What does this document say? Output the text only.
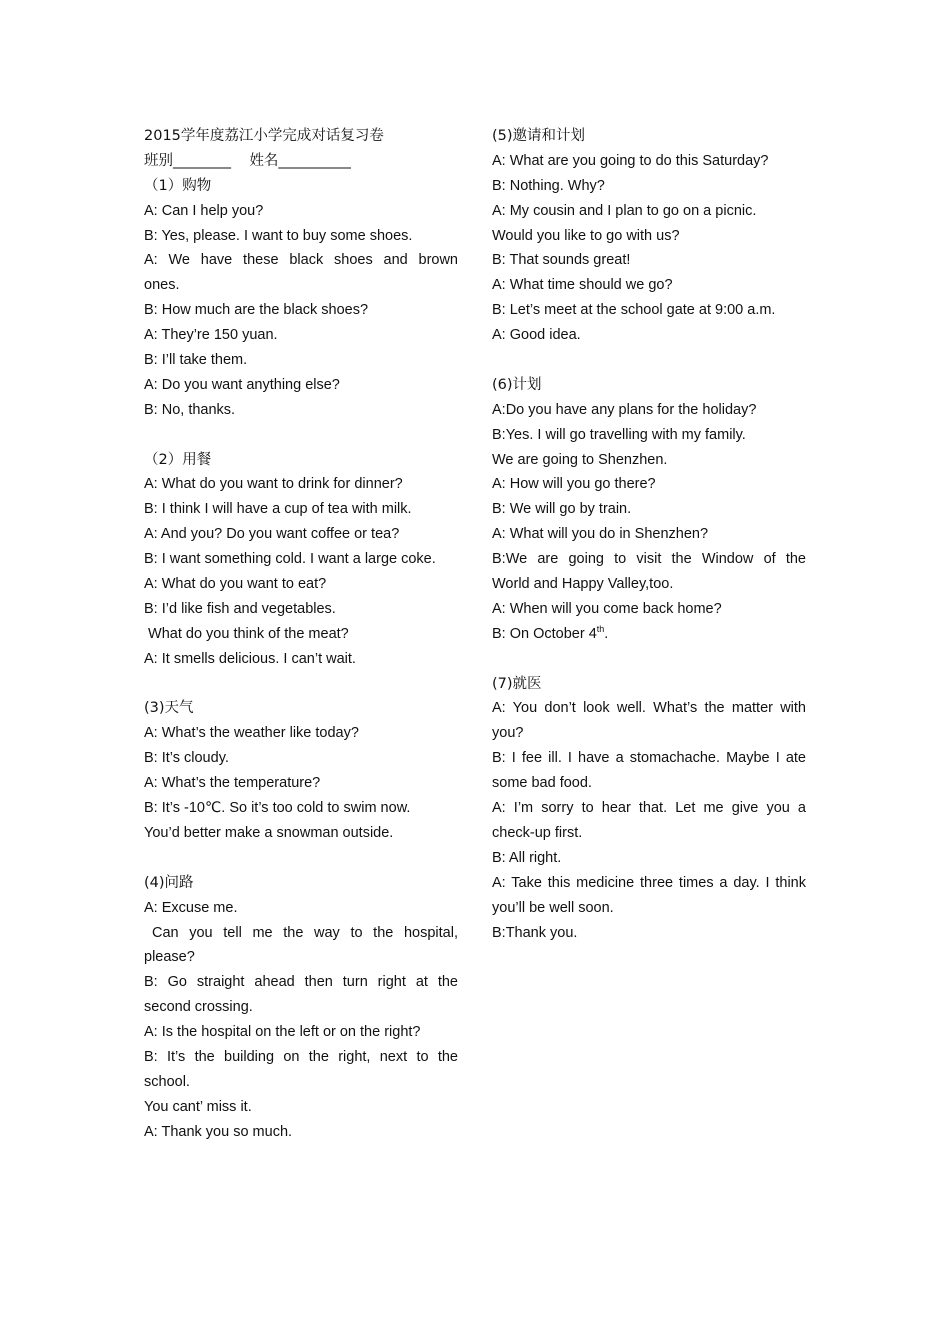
2015学年度荔江小学完成对话复习卷
班别________ 姓名__________
（1）购物
A: Can I help you?
B: Yes, please. I want to buy some shoes.
A: We have these black shoes and brown
ones.
B: How much are the black shoes?
A: They’re 150 yuan.
B: I’ll take them.
A: Do you want anything else?
B: No, thanks.
（2）用餐
A: What do you want to drink for dinner?
B: I think I will have a cup of tea with milk.
A: And you? Do you want coffee or tea?
B: I want something cold. I want a large coke.
A: What do you want to eat?
B: I’d like fish and vegetables.
What do you think of the meat?
A: It smells delicious. I can’t wait.
(3)天气
A: What’s the weather like today?
B: It’s cloudy.
A: What’s the temperature?
B: It’s -10℃. So it’s too cold to swim now.
You’d better make a snowman outside.
(4)问路
A: Excuse me.
Can you tell me the way to the hospital,
please?
B: Go straight ahead then turn right at the
second crossing.
A: Is the hospital on the left or on the right?
B: It’s the building on the right, next to the
school.
You cant’ miss it.
A: Thank you so much.
(5)邀请和计划
A: What are you going to do this Saturday?
B: Nothing. Why?
A: My cousin and I plan to go on a picnic.
Would you like to go with us?
B: That sounds great!
A: What time should we go?
B: Let’s meet at the school gate at 9:00 a.m.
A: Good idea.
(6)计划
A:Do you have any plans for the holiday?
B:Yes. I will go travelling with my family.
We are going to Shenzhen.
A: How will you go there?
B: We will go by train.
A: What will you do in Shenzhen?
B:We are going to visit the Window of the
World and Happy Valley,too.
A: When will you come back home?
B: On October 4th.
(7)就医
A: You don’t look well. What’s the matter with
you?
B: I fee ill. I have a stomachache. Maybe I ate
some bad food.
A: I’m sorry to hear that. Let me give you a
check-up first.
B: All right.
A: Take this medicine three times a day. I think
you’ll be well soon.
B:Thank you.
